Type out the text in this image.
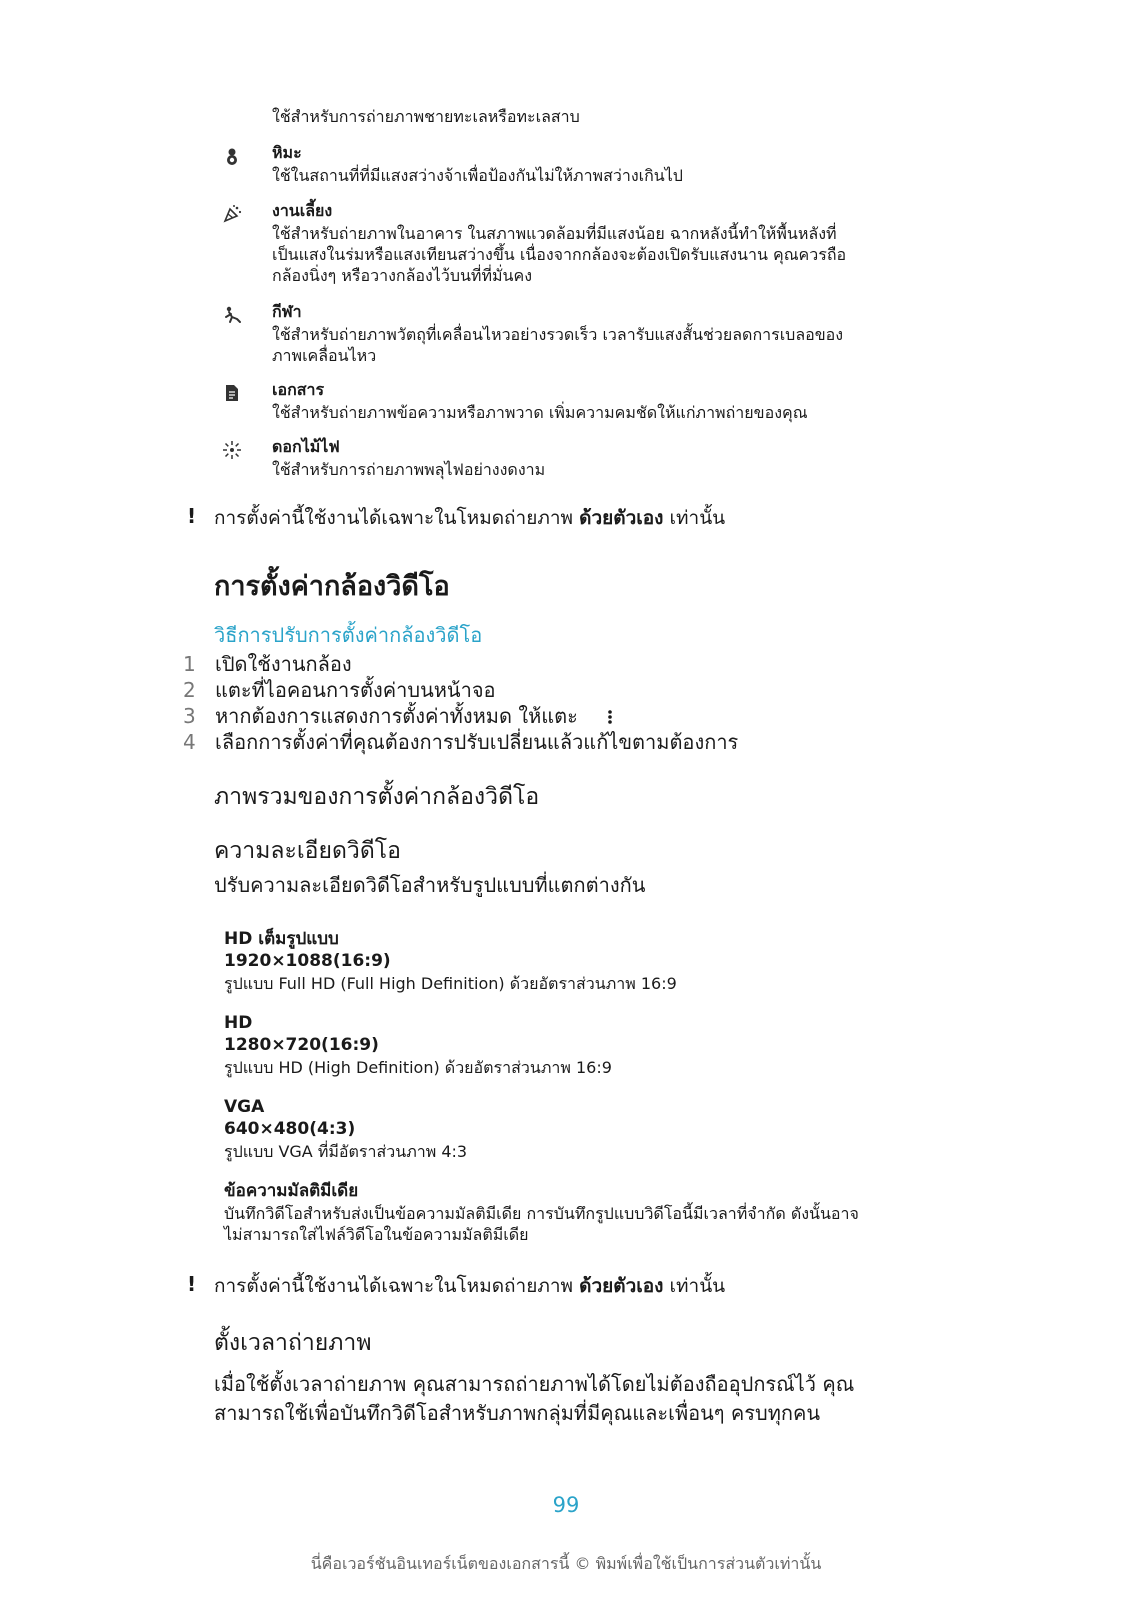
ใช้สำหรับการถ่ายภาพชายทะเลหรือทะเลสาบ
หิมะ
ใช้ในสถานที่ที่มีแสงสว่างจ้าเพื่อป้องกันไม่ให้ภาพสว่างเกินไป
งานเลี้ยง
ใช้สำหรับถ่ายภาพในอาคาร ในสภาพแวดล้อมที่มีแสงน้อย ฉากหลังนี้ทำให้พื้นหลังที่
เป็นแสงในร่มหรือแสงเทียนสว่างขึ้น เนื่องจากกล้องจะต้องเปิดรับแสงนาน คุณควรถือ
กล้องนิ่งๆ หรือวางกล้องไว้บนที่ที่มั่นคง
กีฬา
ใช้สำหรับถ่ายภาพวัตถุที่เคลื่อนไหวอย่างรวดเร็ว เวลารับแสงสั้นช่วยลดการเบลอของ
ภาพเคลื่อนไหว
เอกสาร
ใช้สำหรับถ่ายภาพข้อความหรือภาพวาด เพิ่มความคมชัดให้แก่ภาพถ่ายของคุณ
ดอกไม้ไฟ
ใช้สำหรับการถ่ายภาพพลุไฟอย่างงดงาม
! การตั้งค่านี้ใช้งานได้เฉพาะในโหมดถ่ายภาพ ด้วยตัวเอง เท่านั้น
การตั้งค่ากล้องวิดีโอ
วิธีการปรับการตั้งค่ากล้องวิดีโอ
1 เปิดใช้งานกล้อง
2 แตะที่ไอคอนการตั้งค่าบนหน้าจอ
3 หากต้องการแสดงการตั้งค่าทั้งหมด ให้แตะ
4 เลือกการตั้งค่าที่คุณต้องการปรับเปลี่ยนแล้วแก้ไขตามต้องการ
ภาพรวมของการตั้งค่ากล้องวิดีโอ
ความละเอียดวิดีโอ
ปรับความละเอียดวิดีโอสำหรับรูปแบบที่แตกต่างกัน
HD เต็มรูปแบบ
1920×1088(16:9)
รูปแบบ Full HD (Full High Definition) ด้วยอัตราส่วนภาพ 16:9
HD
1280×720(16:9)
รูปแบบ HD (High Definition) ด้วยอัตราส่วนภาพ 16:9
VGA
640×480(4:3)
รูปแบบ VGA ที่มีอัตราส่วนภาพ 4:3
ข้อความมัลติมีเดีย
บันทึกวิดีโอสำหรับส่งเป็นข้อความมัลติมีเดีย การบันทึกรูปแบบวิดีโอนี้มีเวลาที่จำกัด ดังนั้นอาจ
ไม่สามารถใส่ไฟล์วิดีโอในข้อความมัลติมีเดีย
! การตั้งค่านี้ใช้งานได้เฉพาะในโหมดถ่ายภาพ ด้วยตัวเอง เท่านั้น
ตั้งเวลาถ่ายภาพ
เมื่อใช้ตั้งเวลาถ่ายภาพ คุณสามารถถ่ายภาพได้โดยไม่ต้องถืออุปกรณ์ไว้ คุณ
สามารถใช้เพื่อบันทึกวิดีโอสำหรับภาพกลุ่มที่มีคุณและเพื่อนๆ ครบทุกคน
99
นี่คือเวอร์ชันอินเทอร์เน็ตของเอกสารนี้ © พิมพ์เพื่อใช้เป็นการส่วนตัวเท่านั้น
